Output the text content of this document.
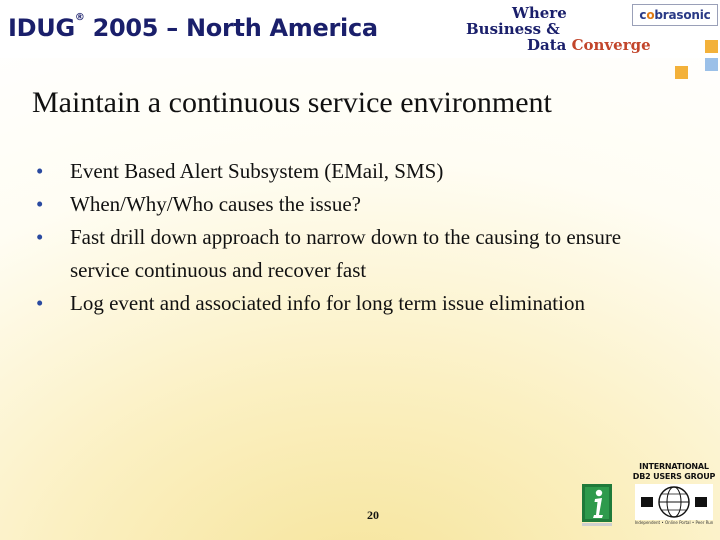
IDUG® 2005 – North America
Where
Business &
Data Converge
c o brasonic
Maintain a continuous service environment
• Event Based Alert Subsystem (EMail, SMS)
• When/Why/Who causes the issue?
• Fast drill down approach to narrow down to the causing to ensure service continuous and recover fast
• Log event and associated info for long term issue elimination
20
INTERNATIONAL
DB2 USERS GROUP
Independent • Online Portal • Peer Run
